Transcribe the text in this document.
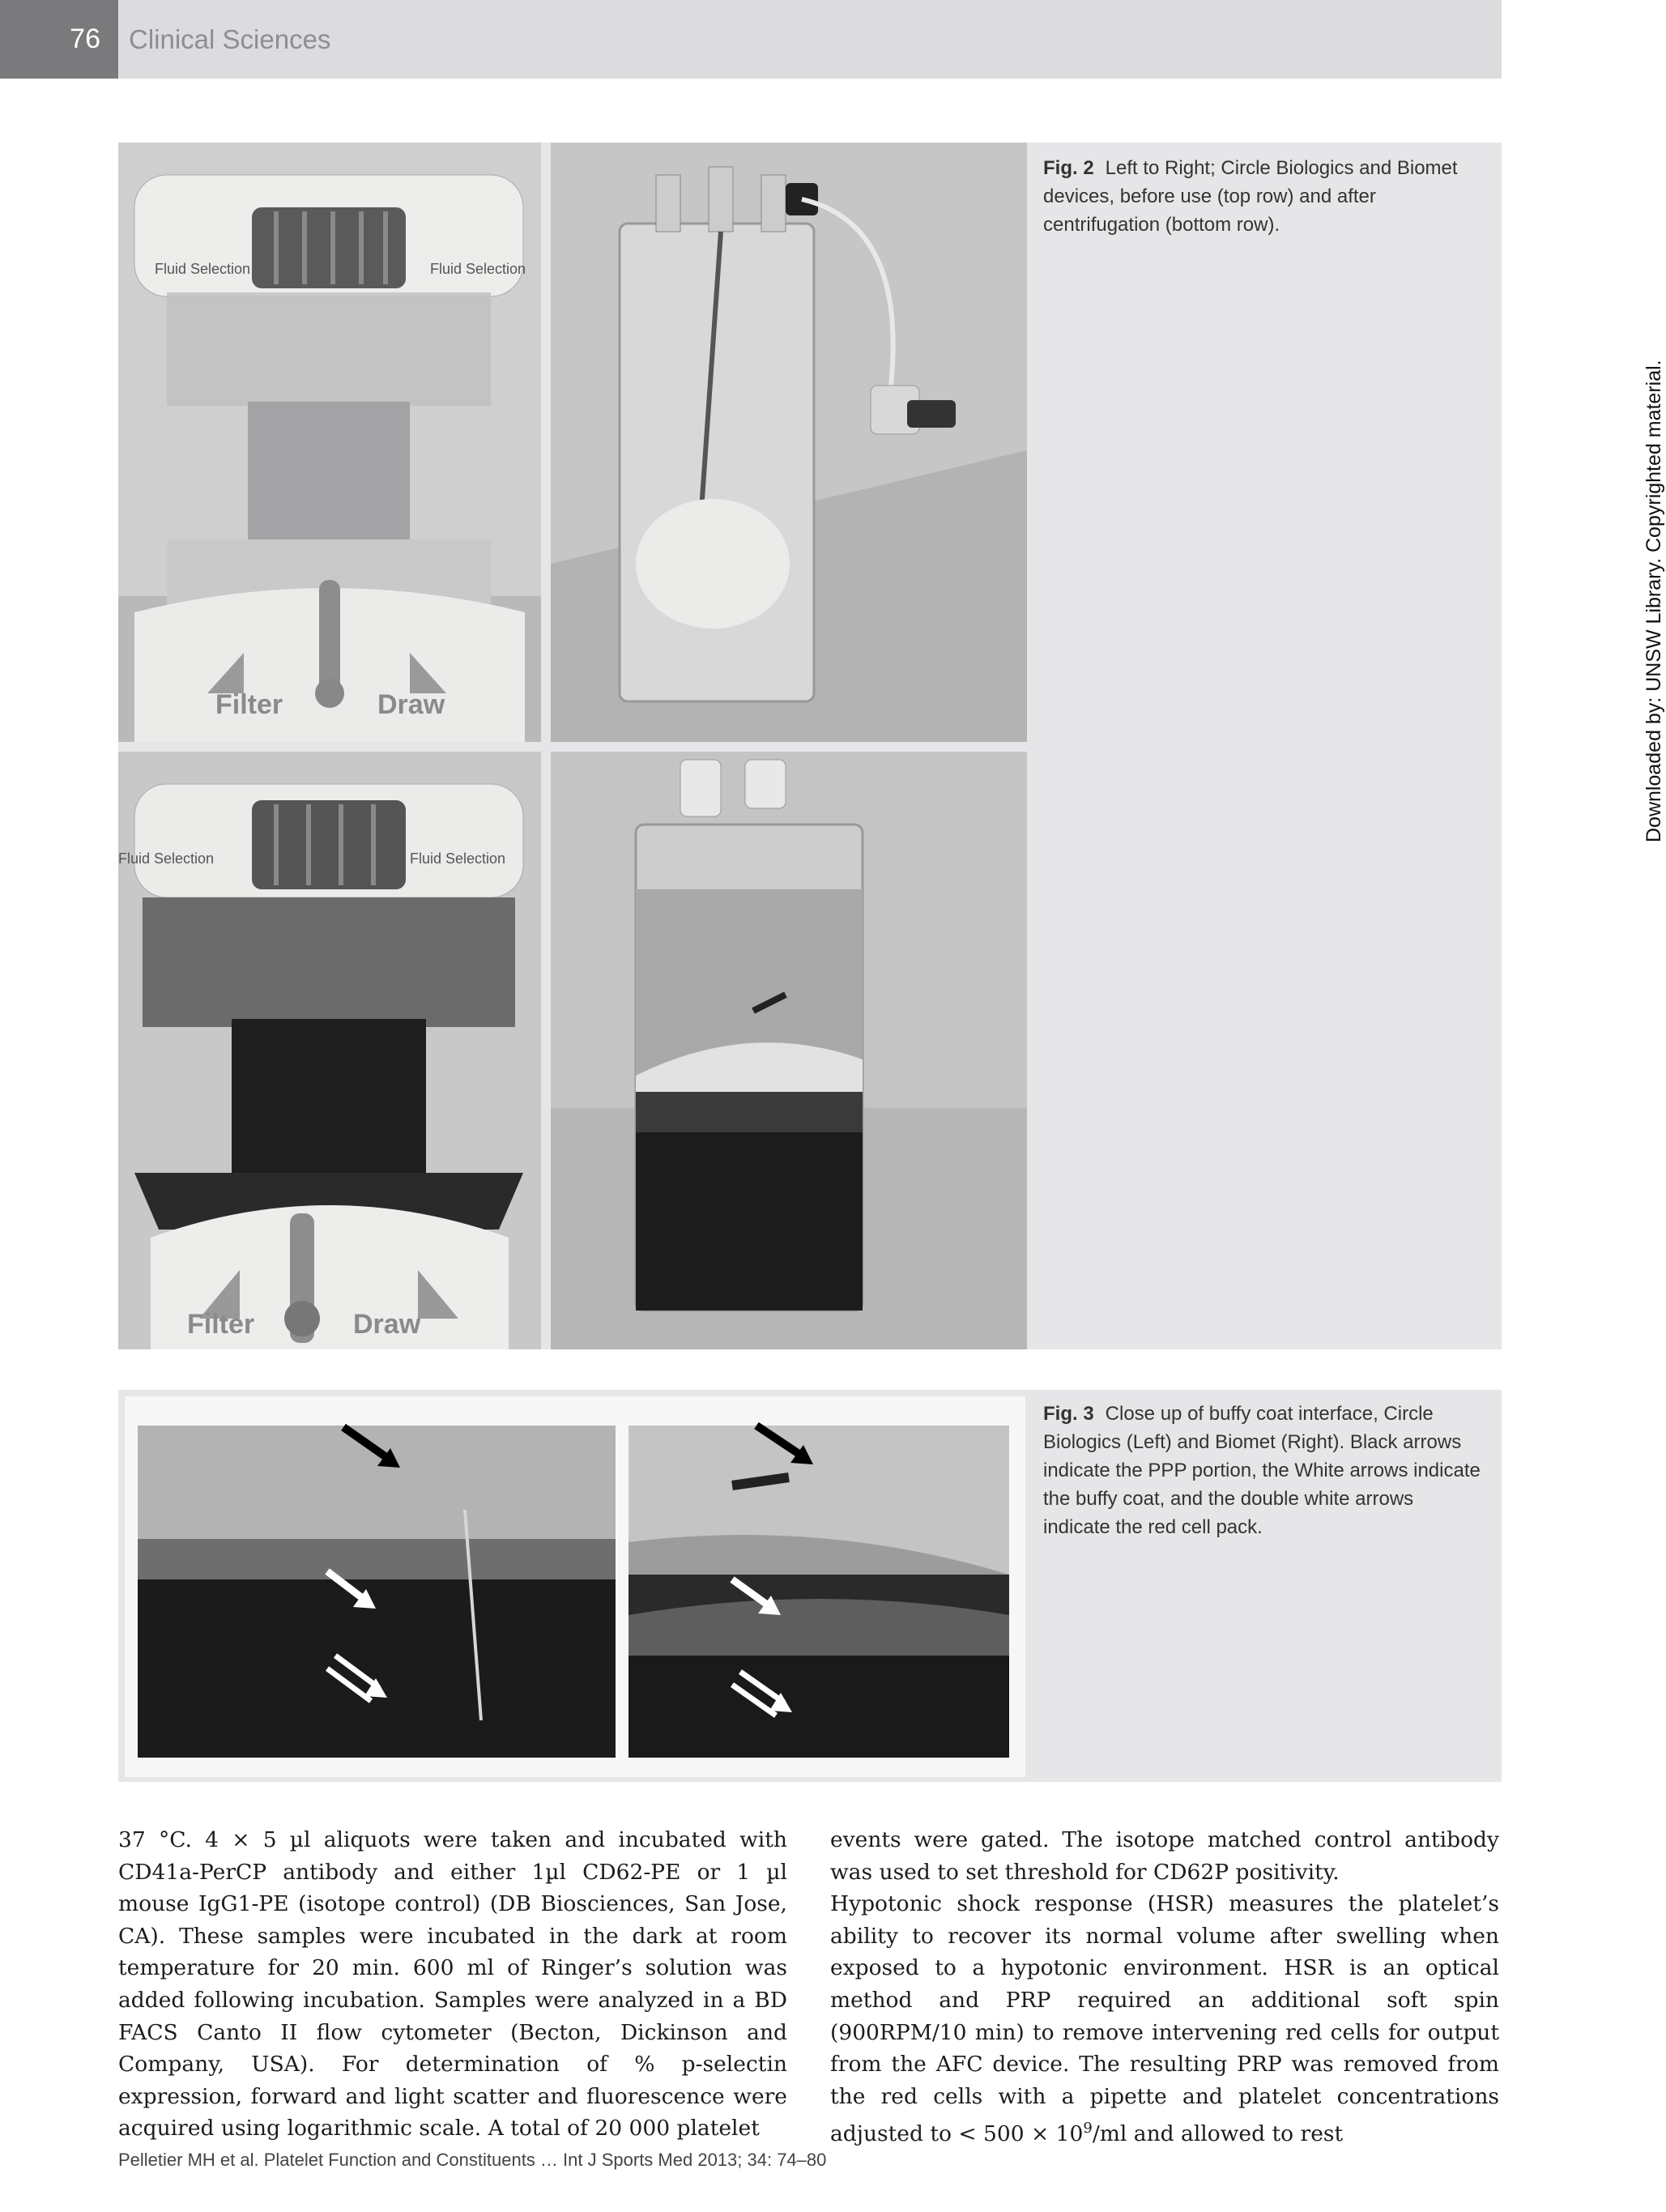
76	Clinical Sciences
Filter	Draw
Fluid Selection	Fluid Selection
Filter	Draw
Fluid Selection	Fluid Selection
Fig. 2 Left to Right; Circle Biologics and Biomet devices, before use (top row) and after centrifugation (bottom row).
Fig. 3 Close up of buffy coat interface, Circle Biologics (Left) and Biomet (Right). Black arrows indicate the PPP portion, the White arrows indicate the buffy coat, and the double white arrows indicate the red cell pack.
37 °C. 4 × 5 µl aliquots were taken and incubated with CD41a-PerCP antibody and either 1µl CD62-PE or 1 µl mouse IgG1-PE (isotope control) (DB Biosciences, San Jose, CA). These samples were incubated in the dark at room temperature for 20 min. 600 ml of Ringer’s solution was added following incubation. Samples were analyzed in a BD FACS Canto II flow cytometer (Becton, Dickinson and Company, USA). For determination of % p-selectin expression, forward and light scatter and fluorescence were acquired using logarithmic scale. A total of 20 000 platelet
events were gated. The isotope matched control antibody was used to set threshold for CD62P positivity.
Hypotonic shock response (HSR) measures the platelet’s ability to recover its normal volume after swelling when exposed to a hypotonic environment. HSR is an optical method and PRP required an additional soft spin (900RPM/10 min) to remove intervening red cells for output from the AFC device. The resulting PRP was removed from the red cells with a pipette and platelet concentrations adjusted to < $500 \times 10^9/ml$ and allowed to rest
Pelletier MH et al. Platelet Function and Constituents … Int J Sports Med 2013; 34: 74–80
Downloaded by: UNSW Library. Copyrighted material.
